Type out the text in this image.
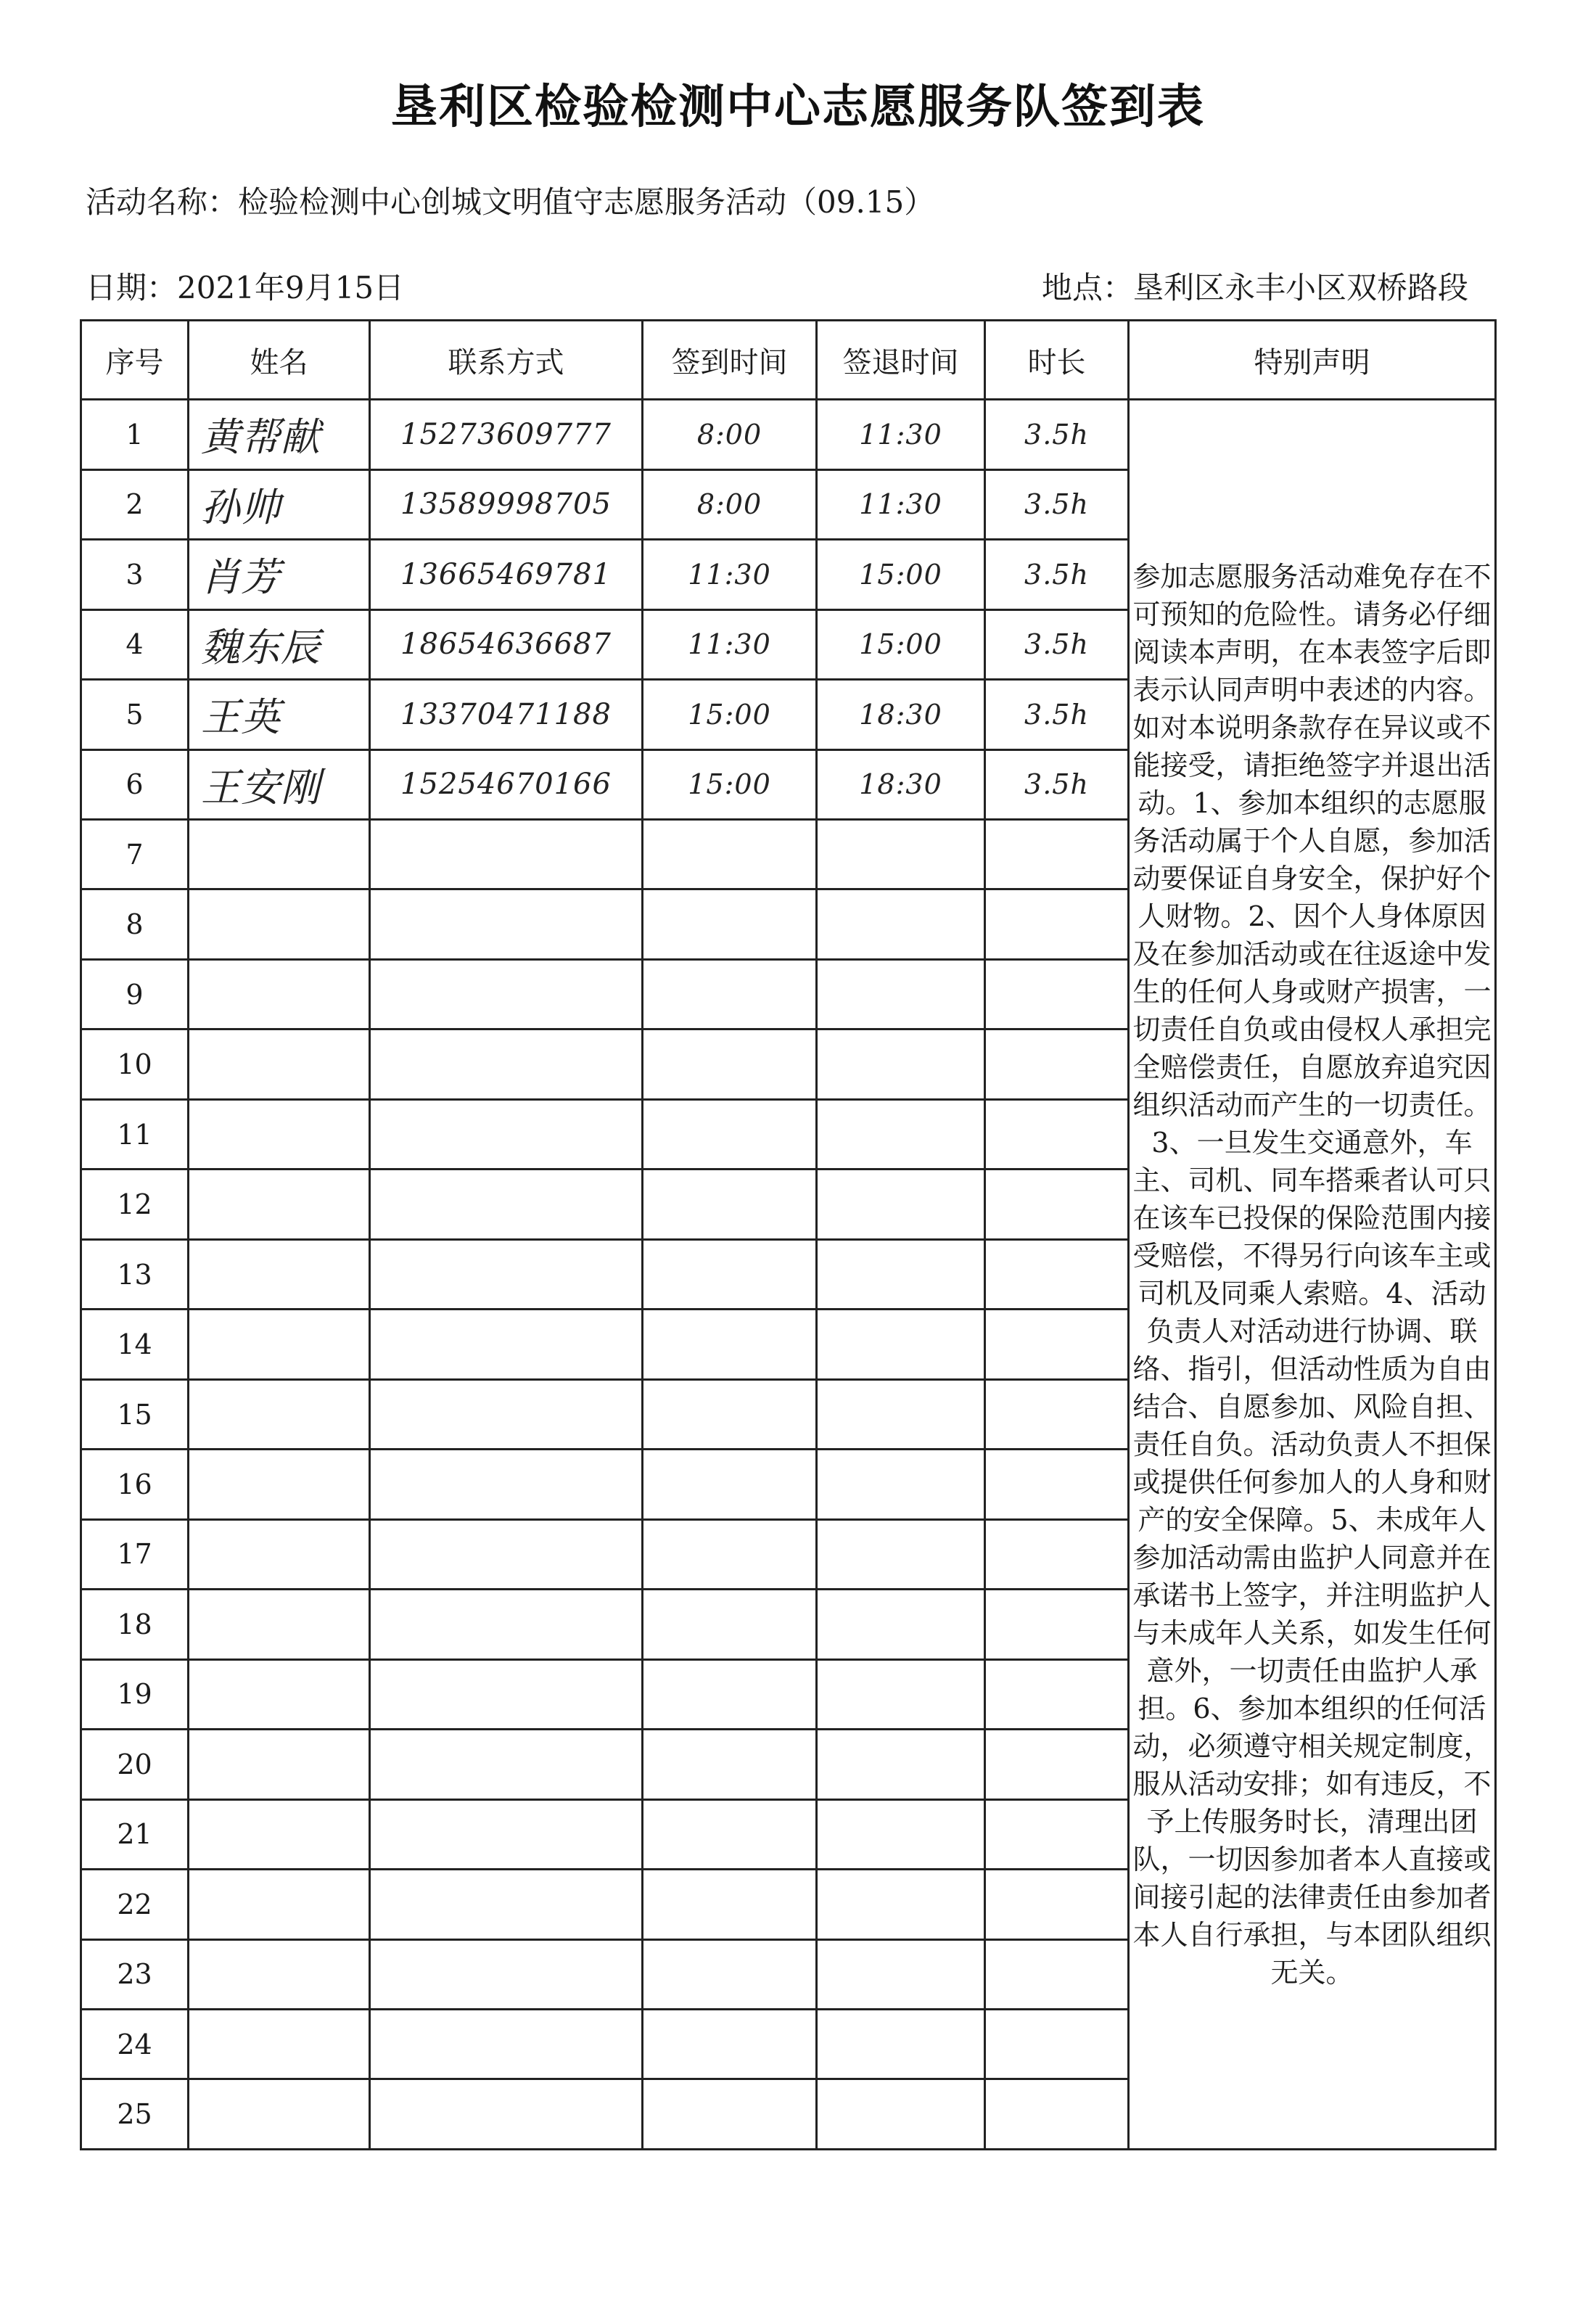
垦利区检验检测中心志愿服务队签到表
活动名称：检验检测中心创城文明值守志愿服务活动（09.15）
日期：2021年9月15日	地点：垦利区永丰小区双桥路段
序号	姓名	联系方式	签到时间	签退时间	时长	特别声明
1	黄帮献	15273609777	8:00	11:30	3.5h	参加志愿服务活动难免存在不可预知的危险性。请务必仔细阅读本声明，在本表签字后即表示认同声明中表述的内容。如对本说明条款存在异议或不能接受，请拒绝签字并退出活动。1、参加本组织的志愿服务活动属于个人自愿，参加活动要保证自身安全，保护好个人财物。2、因个人身体原因及在参加活动或在往返途中发生的任何人身或财产损害，一切责任自负或由侵权人承担完全赔偿责任，自愿放弃追究因组织活动而产生的一切责任。3、一旦发生交通意外，车主、司机、同车搭乘者认可只在该车已投保的保险范围内接受赔偿，不得另行向该车主或司机及同乘人索赔。4、活动负责人对活动进行协调、联络、指引，但活动性质为自由结合、自愿参加、风险自担、责任自负。活动负责人不担保或提供任何参加人的人身和财产的安全保障。5、未成年人参加活动需由监护人同意并在承诺书上签字，并注明监护人与未成年人关系，如发生任何意外，一切责任由监护人承担。6、参加本组织的任何活动，必须遵守相关规定制度，服从活动安排；如有违反，不予上传服务时长，清理出团队，一切因参加者本人直接或间接引起的法律责任由参加者本人自行承担，与本团队组织无关。
2	孙帅	13589998705	8:00	11:30	3.5h	
3	肖芳	13665469781	11:30	15:00	3.5h	
4	魏东辰	18654636687	11:30	15:00	3.5h	
5	王英	13370471188	15:00	18:30	3.5h	
6	王安刚	15254670166	15:00	18:30	3.5h	
7						
8						
9						
10						
11						
12						
13						
14						
15						
16						
17						
18						
19						
20						
21						
22						
23						
24						
25						
